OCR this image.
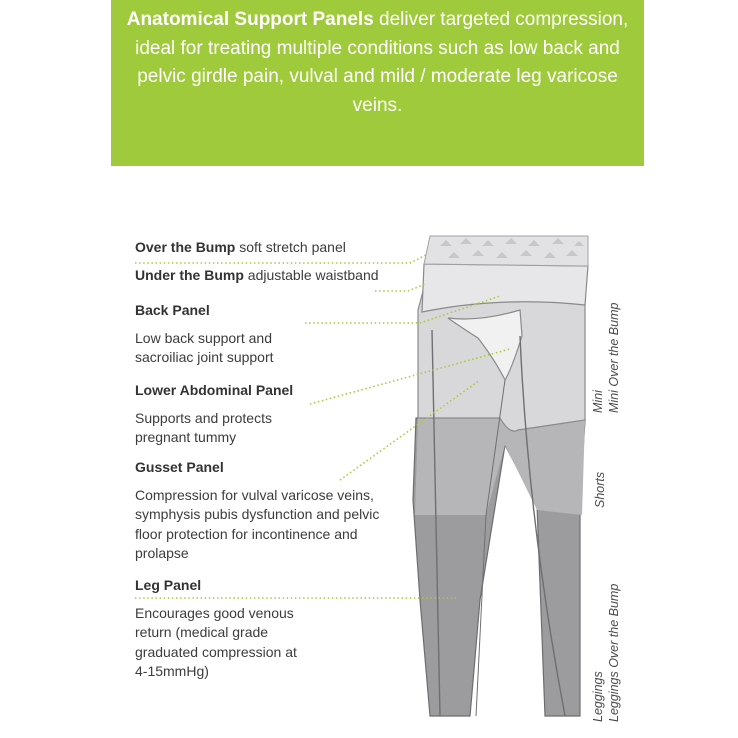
Anatomical Support Panels deliver targeted compression, ideal for treating multiple conditions such as low back and pelvic girdle pain, vulval and mild / moderate leg varicose veins.
Over the Bump soft stretch panel
Under the Bump adjustable waistband
Back Panel
Low back support and sacroiliac joint support
Lower Abdominal Panel
Supports and protects pregnant tummy
Gusset Panel
Compression for vulval varicose veins, symphysis pubis dysfunction and pelvic floor protection for incontinence and prolapse
Leg Panel
Encourages good venous return (medical grade graduated compression at 4-15mmHg)
Mini Mini Over the Bump
Shorts
Leggings Leggings Over the Bump
